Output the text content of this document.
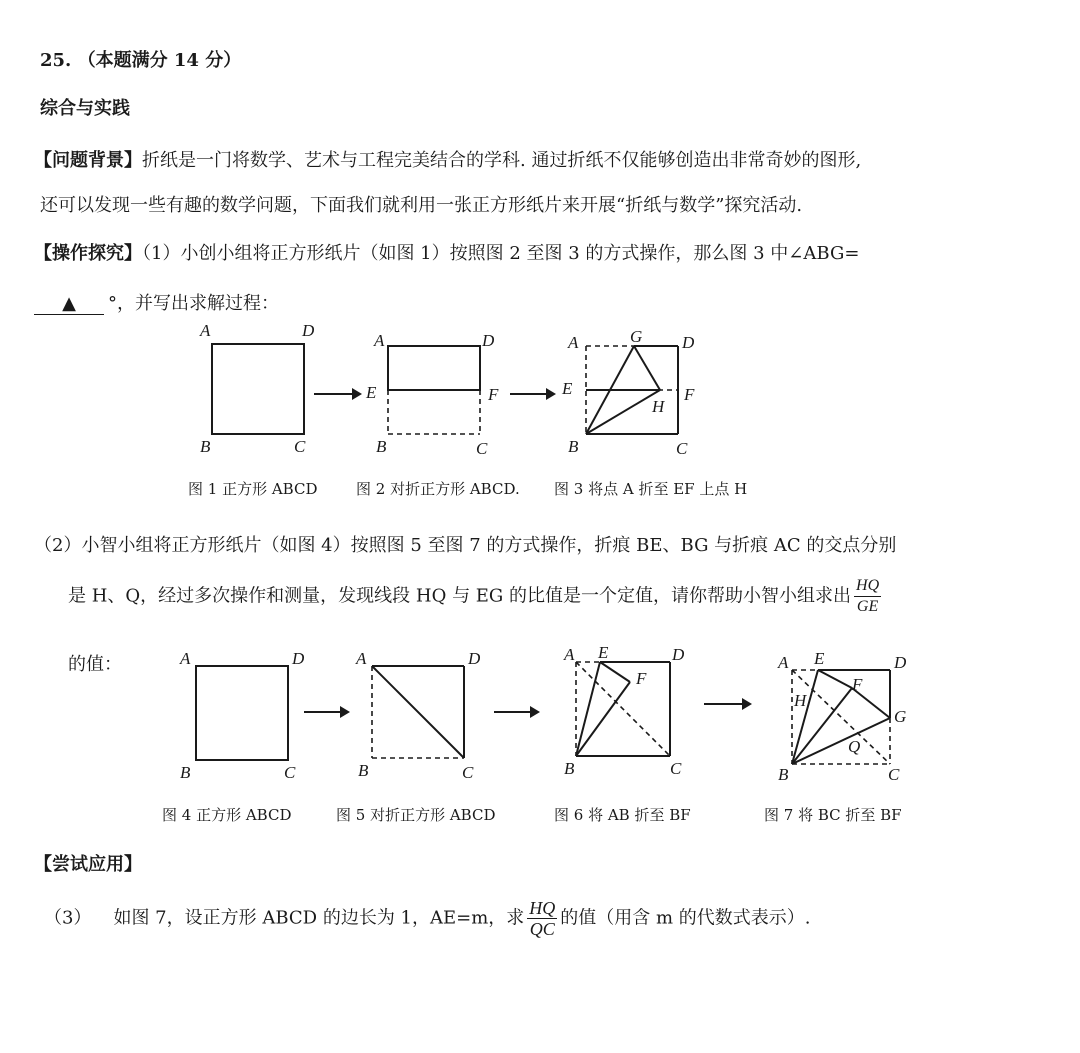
25. （本题满分 14 分）
综合与实践
【问题背景】折纸是一门将数学、艺术与工程完美结合的学科. 通过折纸不仅能够创造出非常奇妙的图形,
还可以发现一些有趣的数学问题，下面我们就利用一张正方形纸片来开展“折纸与数学”探究活动.
【操作探究】（1）小创小组将正方形纸片（如图 1）按照图 2 至图 3 的方式操作，那么图 3 中∠ABG=
▲ °，并写出求解过程：
A	D
B	C
A	D
E	F
B	C
A	G D
E	F
H
B	C
图 1 正方形 ABCD	图 2 对折正方形 ABCD. 图 3 将点 A 折至 EF 上点 H
（2）小智小组将正方形纸片（如图 4）按照图 5 至图 7 的方式操作，折痕 BE、BG 与折痕 AC 的交点分别
是 H、Q，经过多次操作和测量，发现线段 HQ 与 EG 的比值是一个定值，请你帮助小智小组求出 $\frac{HQ}{GE}$
的值：	A	D
B	C
A	D
B	C
A E	D
F
B	C
A E	D
F
H
G
Q
B	C
图 4 正方形 ABCD	图 5 对折正方形 ABCD	图 6 将 AB 折至 BF	图 7 将 BC 折至 BF
【尝试应用】
（3） 如图 7，设正方形 ABCD 的边长为 1，AE=m，求 $\frac{HQ}{QC}$ 的值（用含 m 的代数式表示）.
